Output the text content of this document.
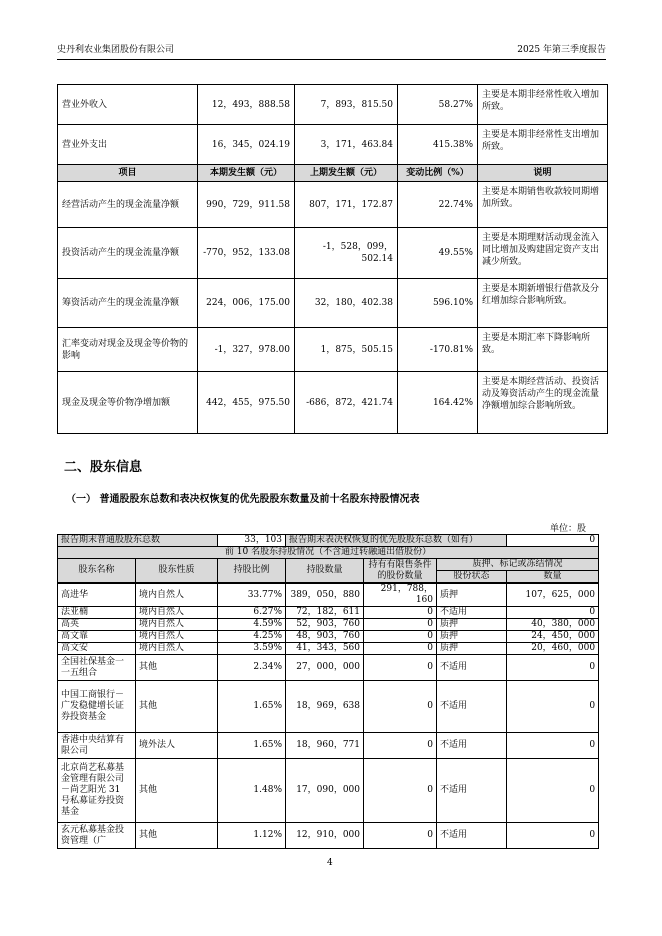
史丹利农业集团股份有限公司	2025 年第三季度报告
营业外收入	12，493，888.58	7，893，815.50	58.27%	主要是本期非经常性收入增加所致。
营业外支出	16，345，024.19	3，171，463.84	415.38%	主要是本期非经常性支出增加所致。
项目	本期发生额（元）	上期发生额（元）	变动比例（%）	说明
经营活动产生的现金流量净额	990，729，911.58	807，171，172.87	22.74%	主要是本期销售收款较同期增加所致。
投资活动产生的现金流量净额	-770，952，133.08	-1，528，099，502.14	49.55%	主要是本期理财活动现金流入同比增加及购建固定资产支出减少所致。
筹资活动产生的现金流量净额	224，006，175.00	32，180，402.38	596.10%	主要是本期新增银行借款及分红增加综合影响所致。
汇率变动对现金及现金等价物的影响	-1，327，978.00	1，875，505.15	-170.81%	主要是本期汇率下降影响所致。
现金及现金等价物净增加额	442，455，975.50	-686，872，421.74	164.42%	主要是本期经营活动、投资活动及筹资活动产生的现金流量净额增加综合影响所致。
二、股东信息
（一） 普通股股东总数和表决权恢复的优先股股东数量及前十名股东持股情况表
单位：股
报告期末普通股股东总数		33，103	报告期末表决权恢复的优先股股东总数（如有）			0
前 10 名股东持股情况（不含通过转融通出借股份）						
股东名称	股东性质	持股比例	持股数量	持有有限售条件的股份数量	质押、标记或冻结情况	
					股份状态	数量
高进华	境内自然人	33.77%	389，050，880	291，788，160	质押	107，625，000
法亚楠	境内自然人	6.27%	72，182，611	0	不适用	0
高英	境内自然人	4.59%	52，903，760	0	质押	40，380，000
高文靠	境内自然人	4.25%	48，903，760	0	质押	24，450，000
高文安	境内自然人	3.59%	41，343，560	0	质押	20，460，000
全国社保基金一一五组合	其他	2.34%	27，000，000	0	不适用	0
中国工商银行－广发稳健增长证券投资基金	其他	1.65%	18，969，638	0	不适用	0
香港中央结算有限公司	境外法人	1.65%	18，960，771	0	不适用	0
北京尚艺私募基金管理有限公司－尚艺阳光 31 号私募证券投资基金	其他	1.48%	17，090，000	0	不适用	0
玄元私募基金投资管理（广	其他	1.12%	12，910，000	0	不适用	0
4
